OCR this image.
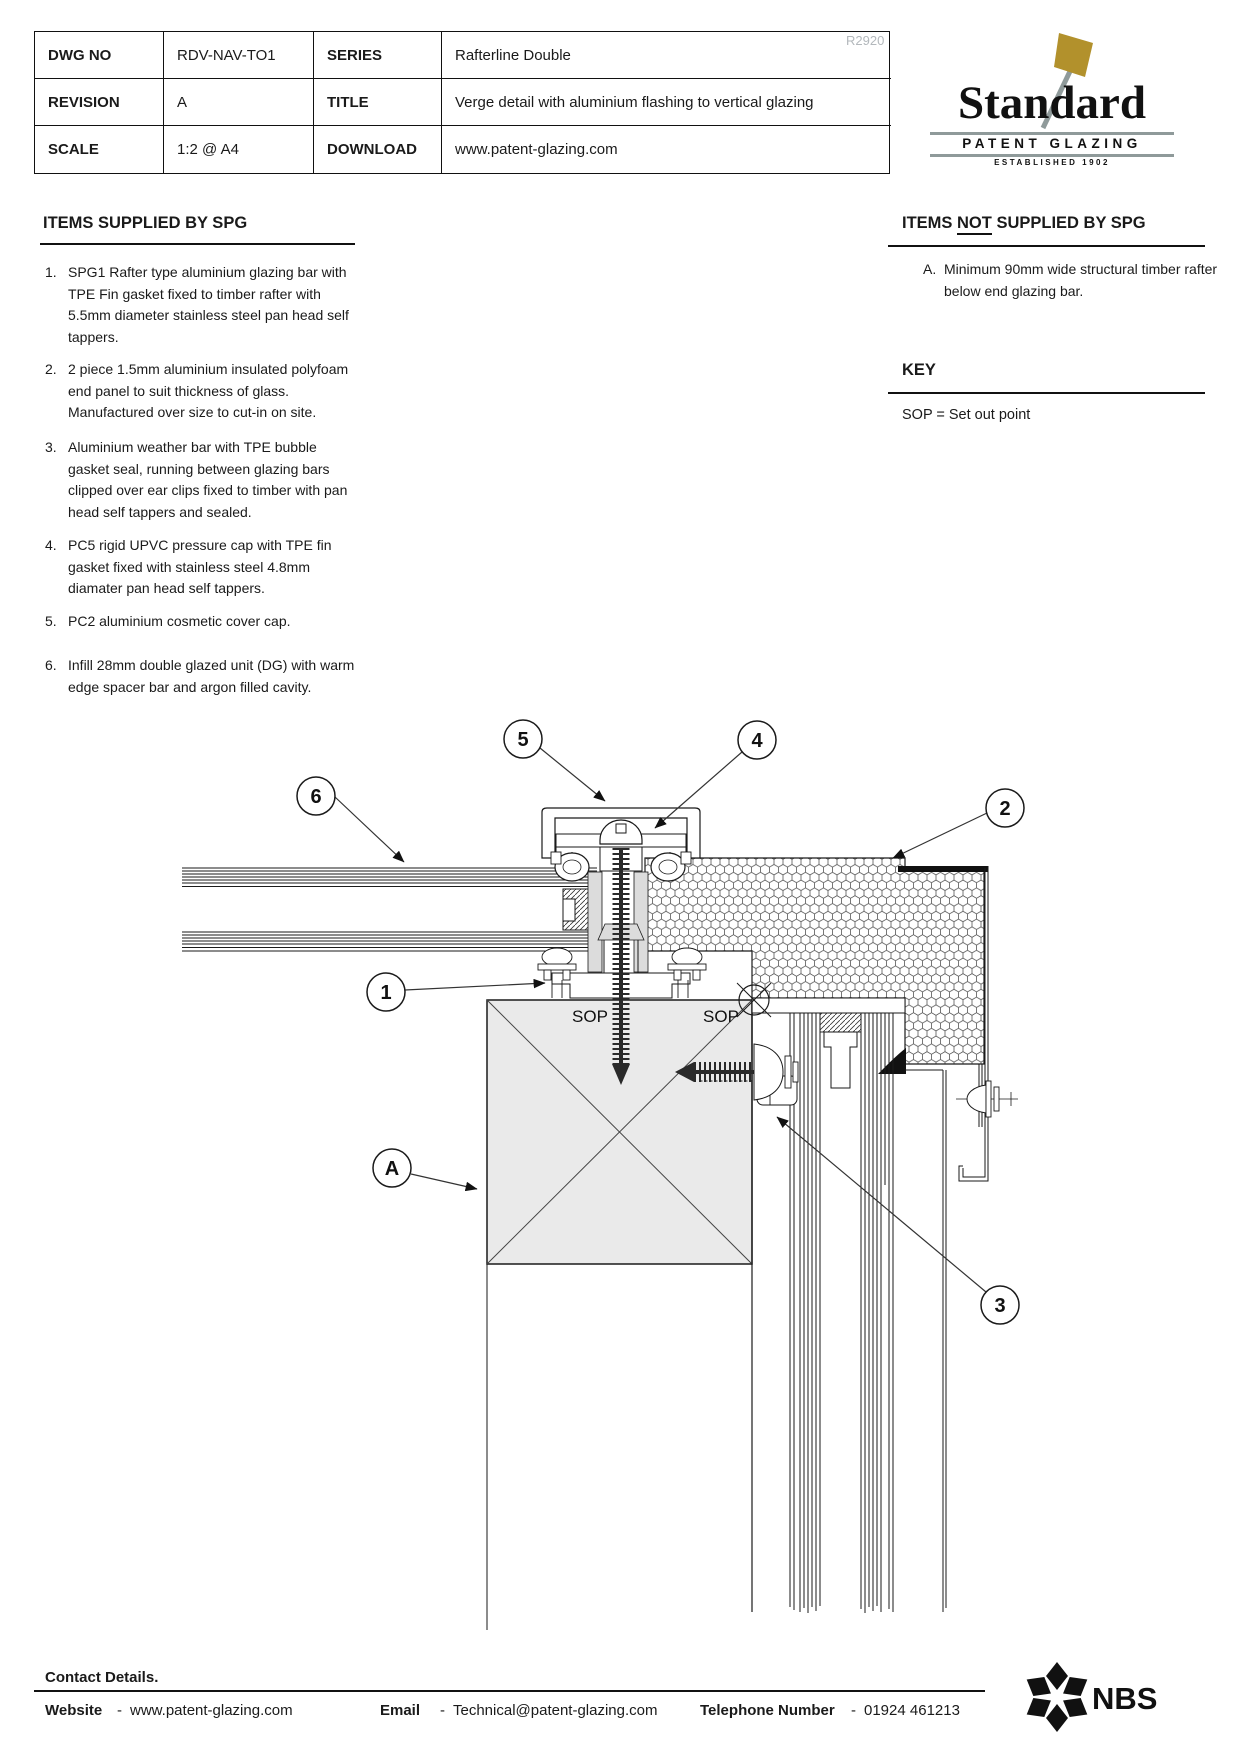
DWG NO	RDV-NAV-TO1	SERIES	Rafterline Double
REVISION	A	TITLE	Verge detail with aluminium flashing to vertical glazing
SCALE	1:2 @ A4	DOWNLOAD	www.patent-glazing.com
R2920
Standard
PATENT GLAZING
ESTABLISHED 1902
ITEMS SUPPLIED BY SPG
1. SPG1 Rafter type aluminium glazing bar with TPE Fin gasket fixed to timber rafter with 5.5mm diameter stainless steel pan head self tappers.
2. 2 piece 1.5mm aluminium insulated polyfoam end panel to suit thickness of glass. Manufactured over size to cut-in on site.
3. Aluminium weather bar with TPE bubble gasket seal, running between glazing bars clipped over ear clips fixed to timber with pan head self tappers and sealed.
4. PC5 rigid UPVC pressure cap with TPE fin gasket fixed with stainless steel 4.8mm diamater pan head self tappers.
5. PC2 aluminium cosmetic cover cap.
6. Infill 28mm double glazed unit (DG) with warm edge spacer bar and argon filled cavity.
ITEMS NOT SUPPLIED BY SPG
A. Minimum 90mm wide structural timber rafter below end glazing bar.
KEY
SOP = Set out point
SOP	SOP
5	4
6
2
1
A
3
Contact Details.
Website - www.patent-glazing.com	Email - Technical@patent-glazing.com	Telephone Number - 01924 461213	NBS
